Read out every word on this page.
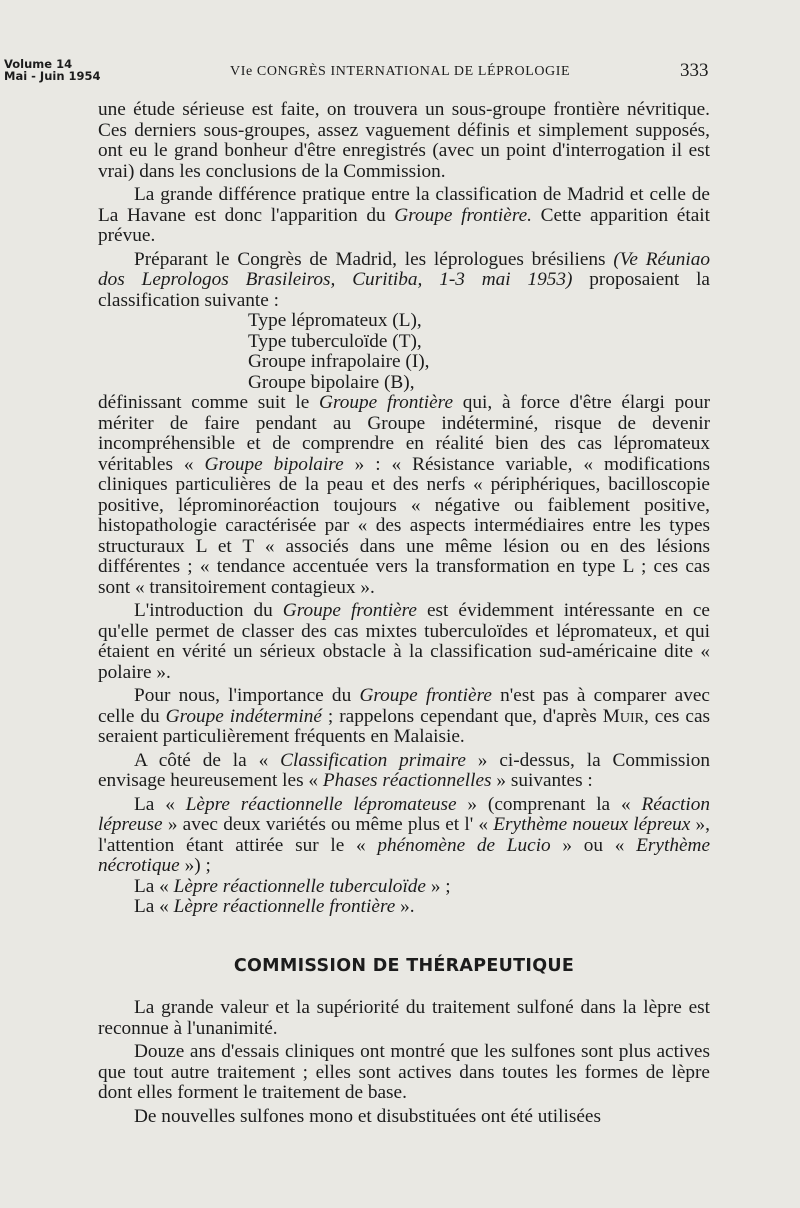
Volume 14
Mai - Juin 1954	VIe CONGRÈS INTERNATIONAL DE LÉPROLOGIE	333

une étude sérieuse est faite, on trouvera un sous-groupe frontière névritique. Ces derniers sous-groupes, assez vaguement définis et simplement supposés, ont eu le grand bonheur d'être enregistrés (avec un point d'interrogation il est vrai) dans les conclusions de la Commission.

La grande différence pratique entre la classification de Madrid et celle de La Havane est donc l'apparition du Groupe frontière. Cette apparition était prévue.

Préparant le Congrès de Madrid, les léprologues brésiliens (Ve Réuniao dos Leprologos Brasileiros, Curitiba, 1-3 mai 1953) proposaient la classification suivante :

Type lépromateux (L),
Type tuberculoïde (T),
Groupe infrapolaire (I),
Groupe bipolaire (B),

définissant comme suit le Groupe frontière qui, à force d'être élargi pour mériter de faire pendant au Groupe indéterminé, risque de devenir incompréhensible et de comprendre en réalité bien des cas lépromateux véritables « Groupe bipolaire » : « Résistance variable, « modifications cliniques particulières de la peau et des nerfs « périphériques, bacilloscopie positive, léprominoréaction toujours « négative ou faiblement positive, histopathologie caractérisée par « des aspects intermédiaires entre les types structuraux L et T « associés dans une même lésion ou en des lésions différentes ; « tendance accentuée vers la transformation en type L ; ces cas sont « transitoirement contagieux ».

L'introduction du Groupe frontière est évidemment intéressante en ce qu'elle permet de classer des cas mixtes tuberculoïdes et lépromateux, et qui étaient en vérité un sérieux obstacle à la classification sud-américaine dite « polaire ».

Pour nous, l'importance du Groupe frontière n'est pas à comparer avec celle du Groupe indéterminé ; rappelons cependant que, d'après Muir, ces cas seraient particulièrement fréquents en Malaisie.

A côté de la « Classification primaire » ci-dessus, la Commission envisage heureusement les « Phases réactionnelles » suivantes :

La « Lèpre réactionnelle lépromateuse » (comprenant la « Réaction lépreuse » avec deux variétés ou même plus et l' « Erythème noueux lépreux », l'attention étant attirée sur le « phénomène de Lucio » ou « Erythème nécrotique ») ;

La « Lèpre réactionnelle tuberculoïde » ;

La « Lèpre réactionnelle frontière ».

COMMISSION DE THÉRAPEUTIQUE

La grande valeur et la supériorité du traitement sulfoné dans la lèpre est reconnue à l'unanimité.

Douze ans d'essais cliniques ont montré que les sulfones sont plus actives que tout autre traitement ; elles sont actives dans toutes les formes de lèpre dont elles forment le traitement de base.

De nouvelles sulfones mono et disubstituées ont été utilisées
